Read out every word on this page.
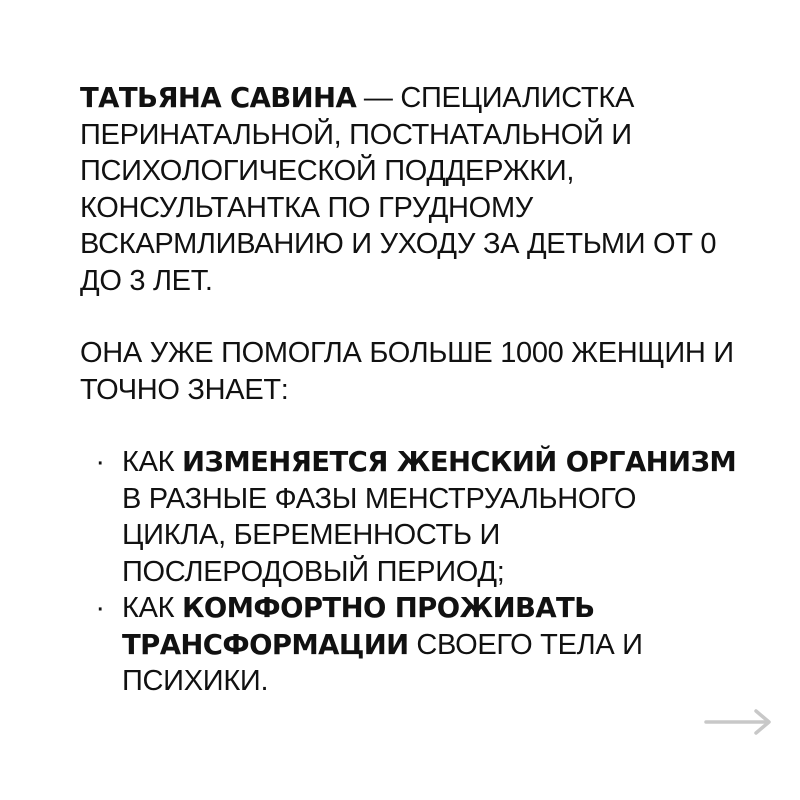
ТАТЬЯНА САВИНА — СПЕЦИАЛИСТКА ПЕРИНАТАЛЬНОЙ, ПОСТНАТАЛЬНОЙ И ПСИХОЛОГИЧЕСКОЙ ПОДДЕРЖКИ, КОНСУЛЬТАНТКА ПО ГРУДНОМУ ВСКАРМЛИВАНИЮ И УХОДУ ЗА ДЕТЬМИ ОТ 0 ДО 3 ЛЕТ.

ОНА УЖЕ ПОМОГЛА БОЛЬШЕ 1000 ЖЕНЩИН И ТОЧНО ЗНАЕТ:

· КАК ИЗМЕНЯЕТСЯ ЖЕНСКИЙ ОРГАНИЗМ В РАЗНЫЕ ФАЗЫ МЕНСТРУАЛЬНОГО ЦИКЛА, БЕРЕМЕННОСТЬ И ПОСЛЕРОДОВЫЙ ПЕРИОД;
· КАК КОМФОРТНО ПРОЖИВАТЬ ТРАНСФОРМАЦИИ СВОЕГО ТЕЛА И ПСИХИКИ.
